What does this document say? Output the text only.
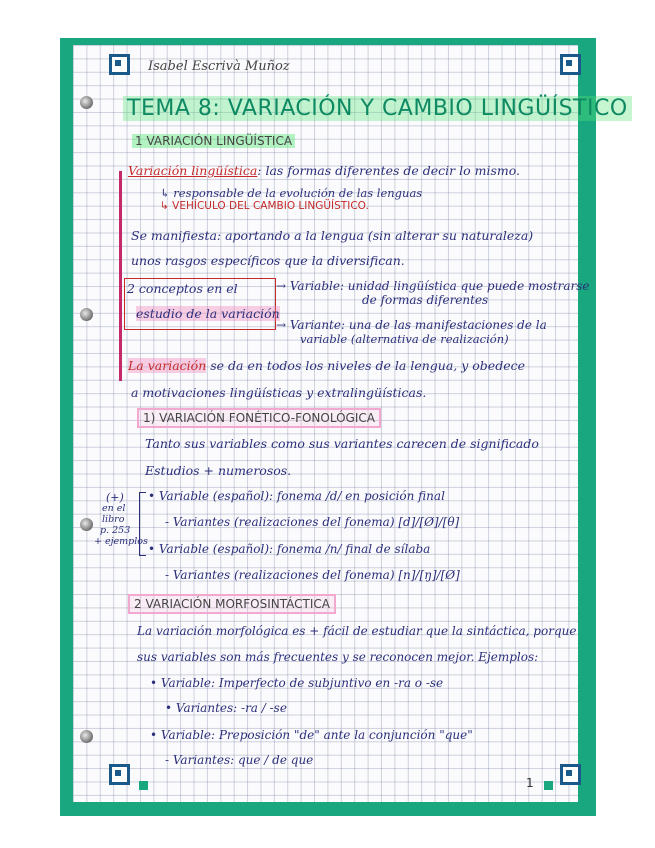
Isabel Escrivà Muñoz
TEMA 8: VARIACIÓN Y CAMBIO LINGÜÍSTICO
1 VARIACIÓN LINGÜÍSTICA
Variación lingüística: las formas diferentes de decir lo mismo.
↳ responsable de la evolución de las lenguas
↳ VEHÍCULO DEL CAMBIO LINGÜÍSTICO.
Se manifiesta: aportando a la lengua (sin alterar su naturaleza)
unos rasgos específicos que la diversifican.
2 conceptos en el
estudio de la variación
→ Variable: unidad lingüística que puede mostrarse
de formas diferentes
→ Variante: una de las manifestaciones de la
variable (alternativa de realización)
La variación se da en todos los niveles de la lengua, y obedece
a motivaciones lingüísticas y extralingüísticas.
1) VARIACIÓN FONÉTICO-FONOLÓGICA
Tanto sus variables como sus variantes carecen de significado
Estudios + numerosos.
(+)
en el
libro
p. 253
+ ejemplos
• Variable (español): fonema /d/ en posición final
- Variantes (realizaciones del fonema) [d]/[Ø]/[θ]
• Variable (español): fonema /n/ final de sílaba
- Variantes (realizaciones del fonema) [n]/[ŋ]/[Ø]
2 VARIACIÓN MORFOSINTÁCTICA
La variación morfológica es + fácil de estudiar que la sintáctica, porque
sus variables son más frecuentes y se reconocen mejor. Ejemplos:
• Variable: Imperfecto de subjuntivo en -ra o -se
• Variantes: -ra / -se
• Variable: Preposición "de" ante la conjunción "que"
- Variantes: que / de que
1
